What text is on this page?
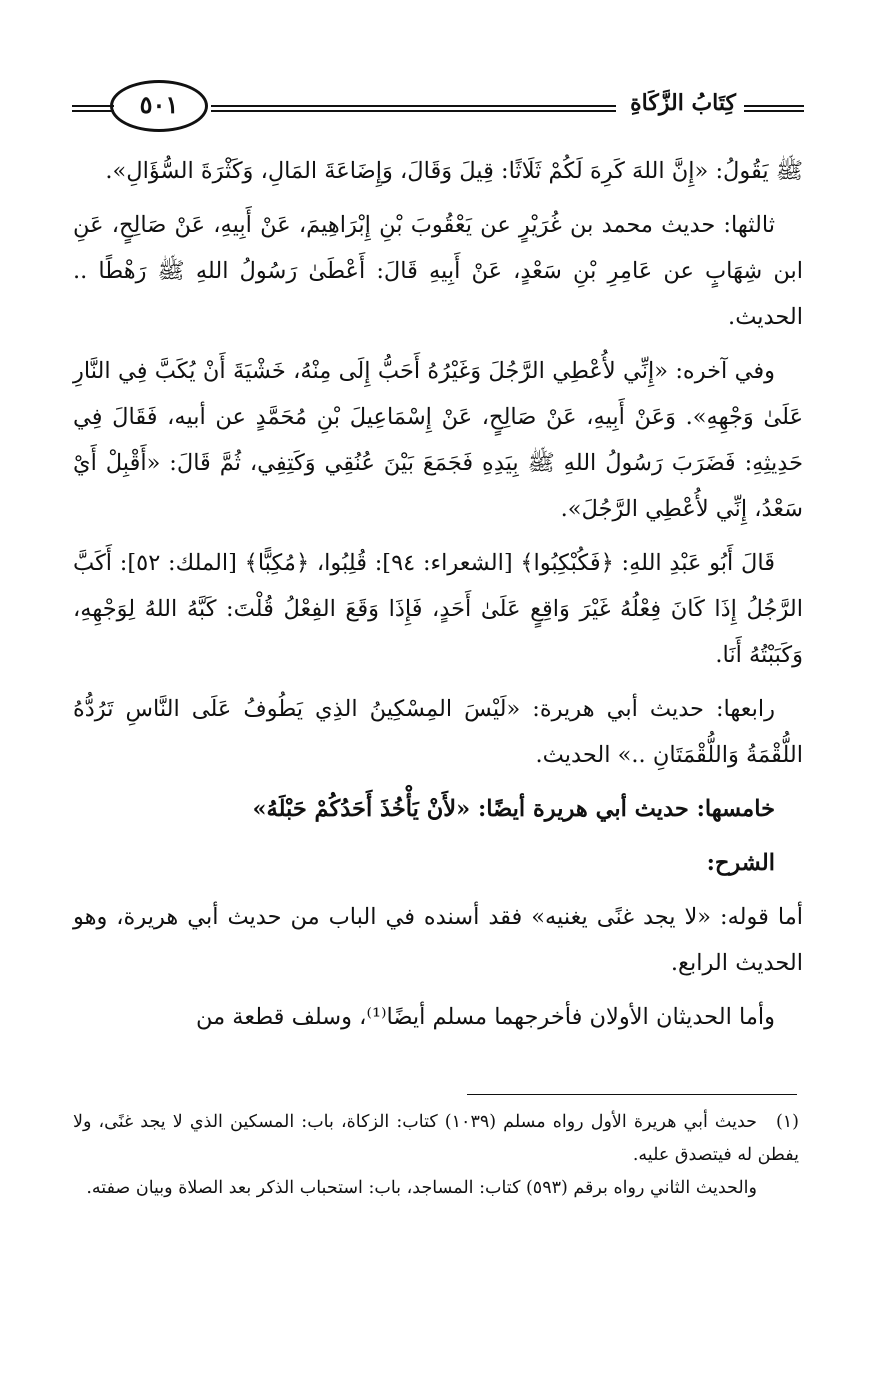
كِتَابُ الزَّكَاةِ
٥٠١

ﷺ يَقُولُ: «إِنَّ اللهَ كَرِهَ لَكُمْ ثَلَاثًا: قِيلَ وَقَالَ، وَإِضَاعَةَ المَالِ، وَكَثْرَةَ السُّؤَالِ».

ثالثها: حديث محمد بن غُرَيْرٍ عن يَعْقُوبَ بْنِ إِبْرَاهِيمَ، عَنْ أَبِيهِ، عَنْ صَالِحٍ، عَنِ ابن شِهَابٍ عن عَامِرِ بْنِ سَعْدٍ، عَنْ أَبِيهِ قَالَ: أَعْطَىٰ رَسُولُ اللهِ ﷺ رَهْطًا .. الحديث.

وفي آخره: «إِنِّي لأُعْطِي الرَّجُلَ وَغَيْرُهُ أَحَبُّ إِلَى مِنْهُ، خَشْيَةَ أَنْ يُكَبَّ فِي النَّارِ عَلَىٰ وَجْهِهِ». وَعَنْ أَبِيهِ، عَنْ صَالِحٍ، عَنْ إِسْمَاعِيلَ بْنِ مُحَمَّدٍ عن أبيه، فَقَالَ فِي حَدِيثِهِ: فَضَرَبَ رَسُولُ اللهِ ﷺ بِيَدِهِ فَجَمَعَ بَيْنَ عُنُقِي وَكَتِفِي، ثُمَّ قَالَ: «أَقْبِلْ أَيْ سَعْدُ، إِنِّي لأُعْطِي الرَّجُلَ».

قَالَ أَبُو عَبْدِ اللهِ: ﴿فَكُبْكِبُوا﴾ [الشعراء: ٩٤]: قُلِبُوا، ﴿مُكِبًّا﴾ [الملك: ٥٢]: أَكَبَّ الرَّجُلُ إِذَا كَانَ فِعْلُهُ غَيْرَ وَاقِعٍ عَلَىٰ أَحَدٍ، فَإِذَا وَقَعَ الفِعْلُ قُلْتَ: كَبَّهُ اللهُ لِوَجْهِهِ، وَكَبَبْتُهُ أَنَا.

رابعها: حديث أبي هريرة: «لَيْسَ المِسْكِينُ الذِي يَطُوفُ عَلَى النَّاسِ تَرُدُّهُ اللُّقْمَةُ وَاللُّقْمَتَانِ ..» الحديث.

خامسها: حديث أبي هريرة أيضًا: «لأَنْ يَأْخُذَ أَحَدُكُمْ حَبْلَهُ»

الشرح:

أما قوله: «لا يجد غنًى يغنيه» فقد أسنده في الباب من حديث أبي هريرة، وهو الحديث الرابع.

وأما الحديثان الأولان فأخرجهما مسلم أيضًا⁽¹⁾، وسلف قطعة من

(١)حديث أبي هريرة الأول رواه مسلم (١٠٣٩) كتاب: الزكاة، باب: المسكين الذي لا يجد غنًى، ولا يفطن له فيتصدق عليه.

والحديث الثاني رواه برقم (٥٩٣) كتاب: المساجد، باب: استحباب الذكر بعد الصلاة وبيان صفته.
